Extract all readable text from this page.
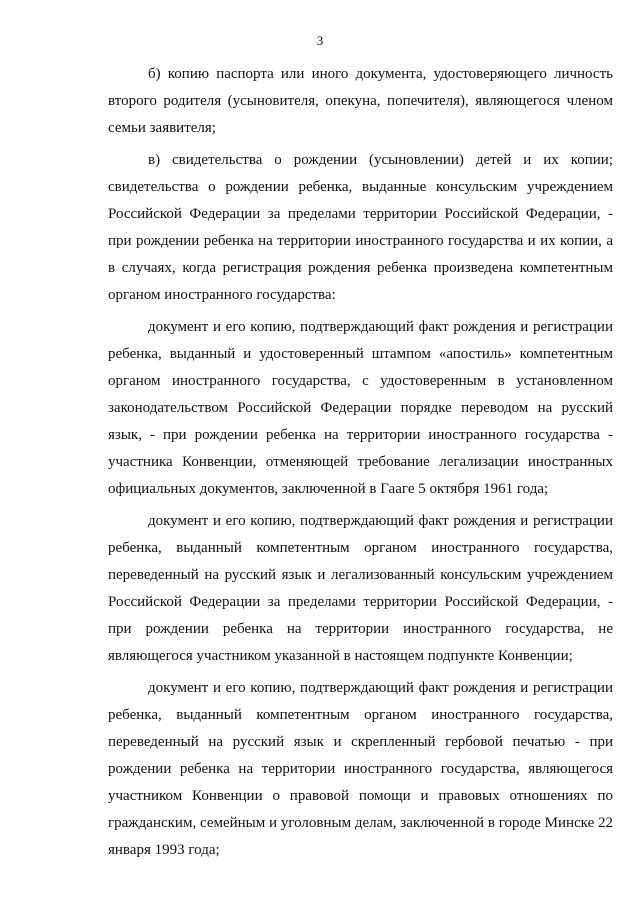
3

б) копию паспорта или иного документа, удостоверяющего личность второго родителя (усыновителя, опекуна, попечителя), являющегося членом семьи заявителя;

в) свидетельства о рождении (усыновлении) детей и их копии; свидетельства о рождении ребенка, выданные консульским учреждением Российской Федерации за пределами территории Российской Федерации, - при рождении ребенка на территории иностранного государства и их копии, а в случаях, когда регистрация рождения ребенка произведена компетентным органом иностранного государства:

документ и его копию, подтверждающий факт рождения и регистрации ребенка, выданный и удостоверенный штампом «апостиль» компетентным органом иностранного государства, с удостоверенным в установленном законодательством Российской Федерации порядке переводом на русский язык, - при рождении ребенка на территории иностранного государства - участника Конвенции, отменяющей требование легализации иностранных официальных документов, заключенной в Гааге 5 октября 1961 года;

документ и его копию, подтверждающий факт рождения и регистрации ребенка, выданный компетентным органом иностранного государства, переведенный на русский язык и легализованный консульским учреждением Российской Федерации за пределами территории Российской Федерации, - при рождении ребенка на территории иностранного государства, не являющегося участником указанной в настоящем подпункте Конвенции;

документ и его копию, подтверждающий факт рождения и регистрации ребенка, выданный компетентным органом иностранного государства, переведенный на русский язык и скрепленный гербовой печатью - при рождении ребенка на территории иностранного государства, являющегося участником Конвенции о правовой помощи и правовых отношениях по гражданским, семейным и уголовным делам, заключенной в городе Минске 22 января 1993 года;
